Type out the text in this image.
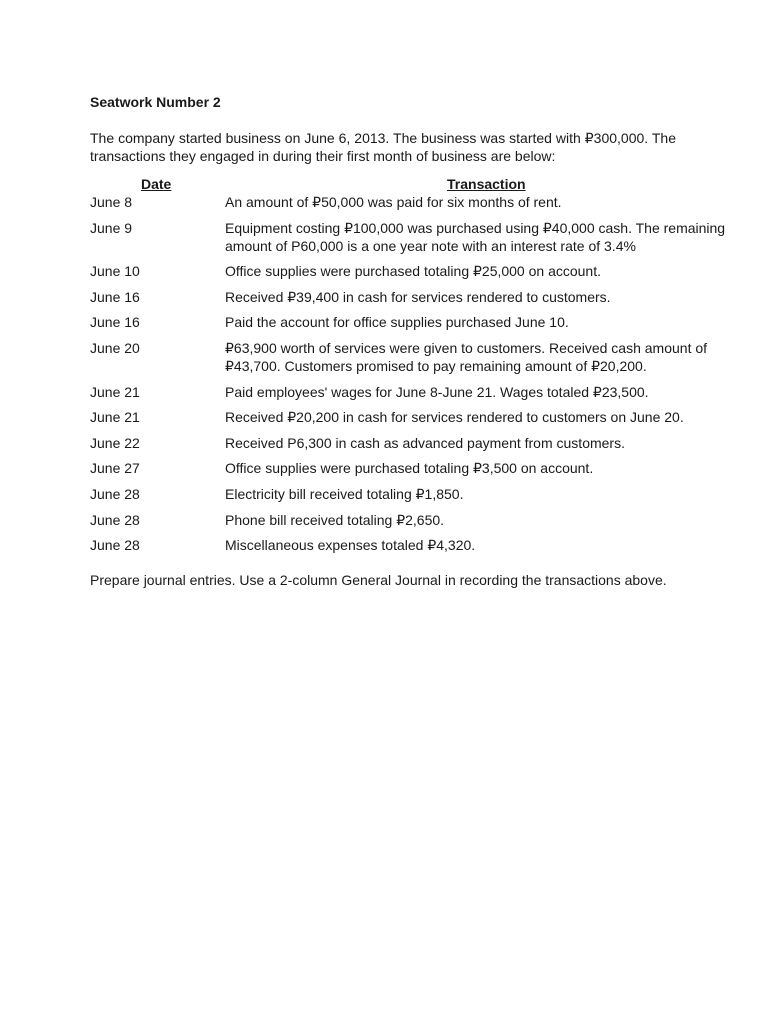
Seatwork Number 2
The company started business on June 6, 2013. The business was started with ₽300,000. The transactions they engaged in during their first month of business are below:
Date	Transaction
June 8	An amount of ₽50,000 was paid for six months of rent.
June 9	Equipment costing ₽100,000 was purchased using ₽40,000 cash. The remaining amount of P60,000 is a one year note with an interest rate of 3.4%
June 10	Office supplies were purchased totaling ₽25,000 on account.
June 16	Received ₽39,400 in cash for services rendered to customers.
June 16	Paid the account for office supplies purchased June 10.
June 20	₽63,900 worth of services were given to customers. Received cash amount of ₽43,700. Customers promised to pay remaining amount of ₽20,200.
June 21	Paid employees' wages for June 8-June 21. Wages totaled ₽23,500.
June 21	Received ₽20,200 in cash for services rendered to customers on June 20.
June 22	Received P6,300 in cash as advanced payment from customers.
June 27	Office supplies were purchased totaling ₽3,500 on account.
June 28	Electricity bill received totaling ₽1,850.
June 28	Phone bill received totaling ₽2,650.
June 28	Miscellaneous expenses totaled ₽4,320.
Prepare journal entries. Use a 2-column General Journal in recording the transactions above.
